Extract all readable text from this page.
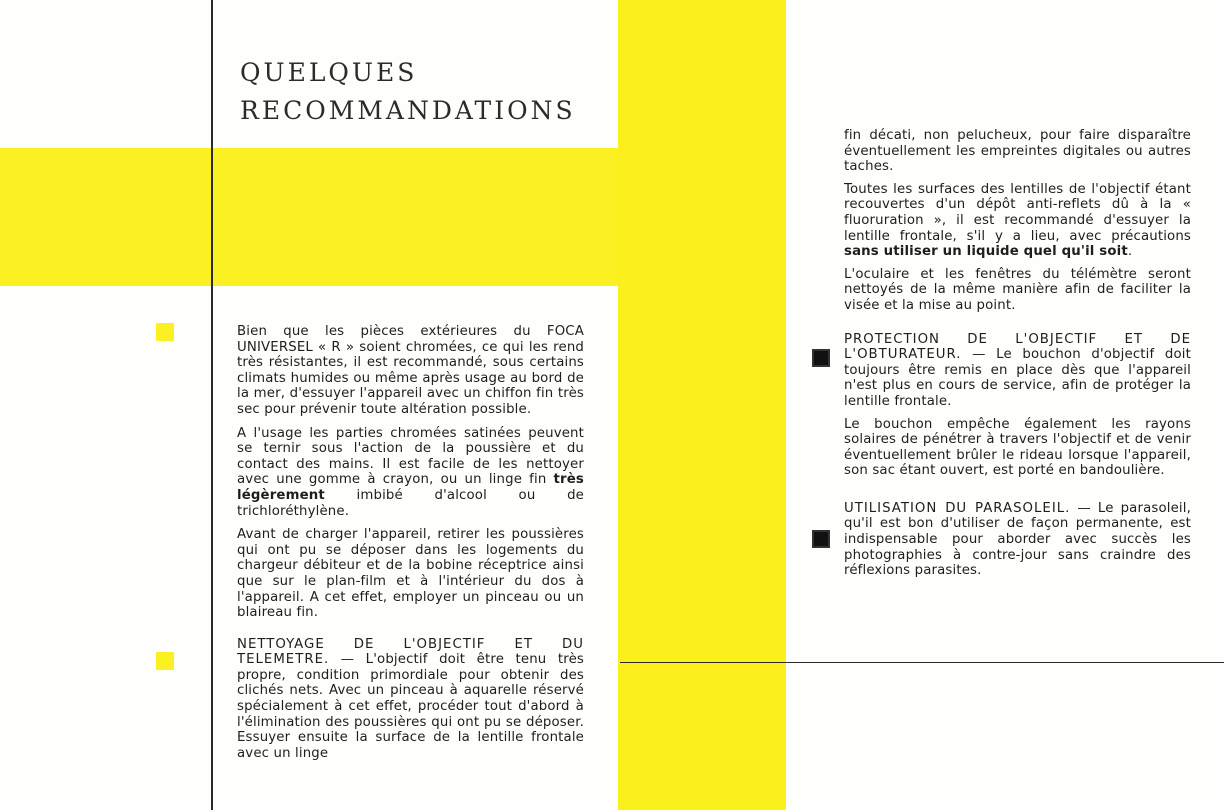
QUELQUES
RECOMMANDATIONS

Bien que les pièces extérieures du FOCA UNIVERSEL « R » soient chromées, ce qui les rend très résistantes, il est recommandé, sous certains climats humides ou même après usage au bord de la mer, d'essuyer l'appareil avec un chiffon fin très sec pour prévenir toute altération possible.

A l'usage les parties chromées satinées peuvent se ternir sous l'action de la poussière et du contact des mains. Il est facile de les nettoyer avec une gomme à crayon, ou un linge fin très légèrement imbibé d'alcool ou de trichloréthylène.

Avant de charger l'appareil, retirer les poussières qui ont pu se déposer dans les logements du chargeur débiteur et de la bobine réceptrice ainsi que sur le plan-film et à l'intérieur du dos à l'appareil. A cet effet, employer un pinceau ou un blaireau fin.

NETTOYAGE DE L'OBJECTIF ET DU TELEMETRE. — L'objectif doit être tenu très propre, condition primordiale pour obtenir des clichés nets. Avec un pinceau à aquarelle réservé spécialement à cet effet, procéder tout d'abord à l'élimination des poussières qui ont pu se déposer. Essuyer ensuite la surface de la lentille frontale avec un linge

fin décati, non pelucheux, pour faire disparaître éventuellement les empreintes digitales ou autres taches.

Toutes les surfaces des lentilles de l'objectif étant recouvertes d'un dépôt anti-reflets dû à la « fluoruration », il est recommandé d'essuyer la lentille frontale, s'il y a lieu, avec précautions sans utiliser un liquide quel qu'il soit.

L'oculaire et les fenêtres du télémètre seront nettoyés de la même manière afin de faciliter la visée et la mise au point.

PROTECTION DE L'OBJECTIF ET DE L'OBTURATEUR. — Le bouchon d'objectif doit toujours être remis en place dès que l'appareil n'est plus en cours de service, afin de protéger la lentille frontale.

Le bouchon empêche également les rayons solaires de pénétrer à travers l'objectif et de venir éventuellement brûler le rideau lorsque l'appareil, son sac étant ouvert, est porté en bandoulière.

UTILISATION DU PARASOLEIL. — Le parasoleil, qu'il est bon d'utiliser de façon permanente, est indispensable pour aborder avec succès les photographies à contre-jour sans craindre des réflexions parasites.
